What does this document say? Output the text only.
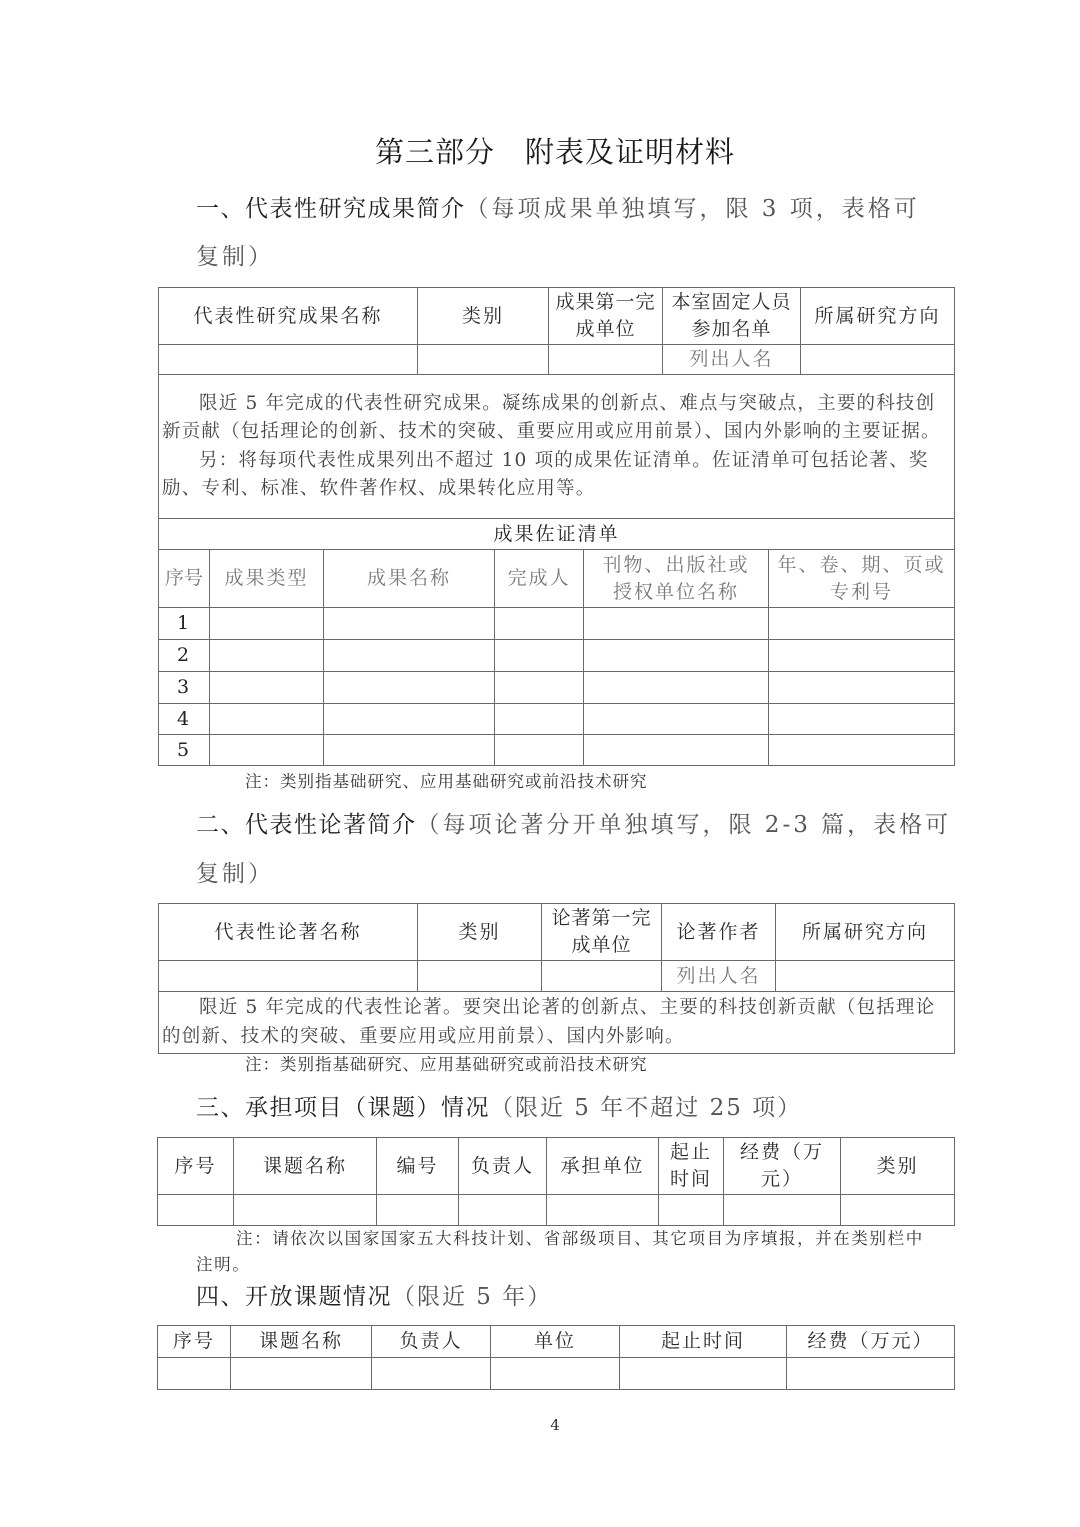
第三部分 附表及证明材料
一、代表性研究成果简介（每项成果单独填写，限 3 项，表格可
复制）
代表性研究成果名称	类别	成果第一完成单位	本室固定人员参加名单	所属研究方向
			列出人名	

限近 5 年完成的代表性研究成果。凝练成果的创新点、难点与突破点，主要的科技创新贡献（包括理论的创新、技术的突破、重要应用或应用前景）、国内外影响的主要证据。

另：将每项代表性成果列出不超过 10 项的成果佐证清单。佐证清单可包括论著、奖励、专利、标准、软件著作权、成果转化应用等。				

成果佐证清单					
序号	成果类型	成果名称	完成人	刊物、出版社或授权单位名称	年、卷、期、页或专利号
1					
2					
3					
4					
5					
注：类别指基础研究、应用基础研究或前沿技术研究
二、代表性论著简介（每项论著分开单独填写，限 2-3 篇，表格可
复制）
代表性论著名称	类别	论著第一完成单位	论著作者	所属研究方向
			列出人名	

限近 5 年完成的代表性论著。要突出论著的创新点、主要的科技创新贡献（包括理论的创新、技术的突破、重要应用或应用前景）、国内外影响。				

注：类别指基础研究、应用基础研究或前沿技术研究
三、承担项目（课题）情况（限近 5 年不超过 25 项）
序号	课题名称	编号	负责人	承担单位	起止时间	经费（万元）	类别

注：请依次以国家国家五大科技计划、省部级项目、其它项目为序填报，并在类别栏中注明。
四、开放课题情况（限近 5 年）
序号	课题名称	负责人	单位	起止时间	经费（万元）

4
